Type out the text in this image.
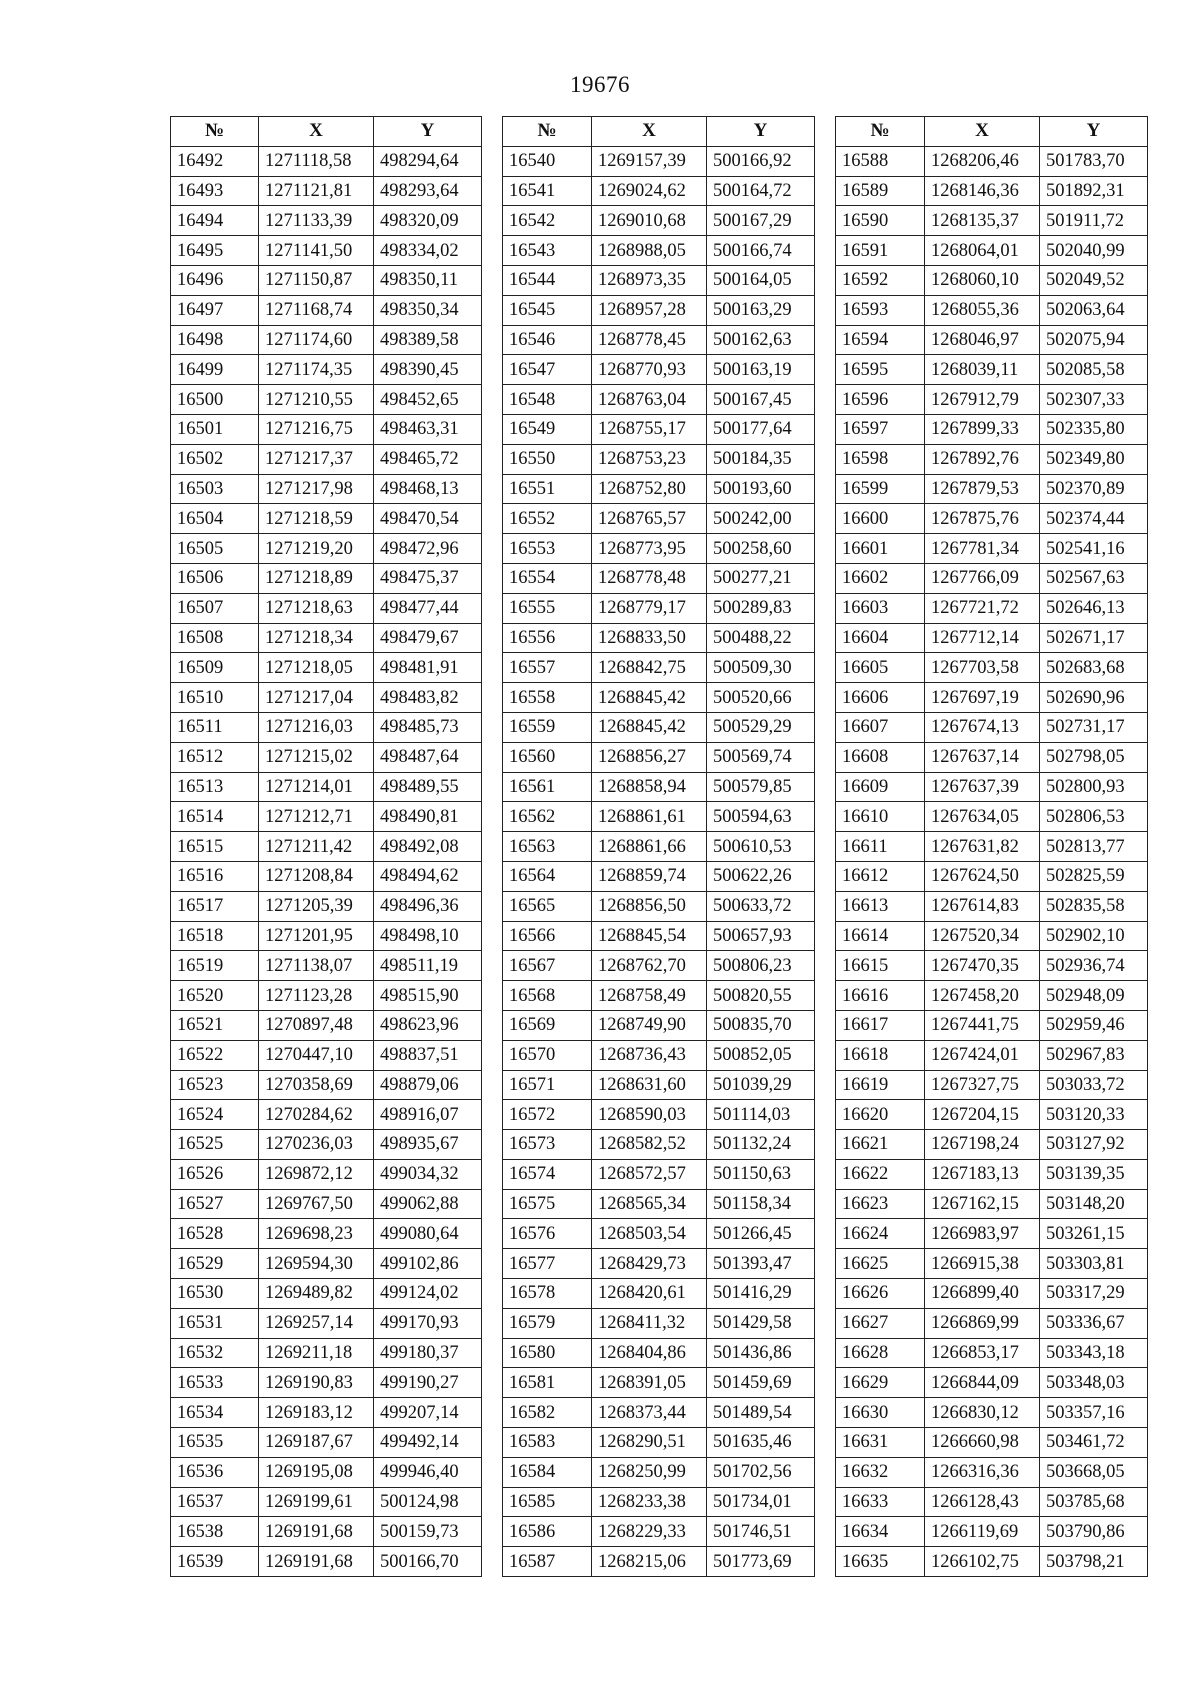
19676
№	X	Y
16492	1271118,58	498294,64
16493	1271121,81	498293,64
16494	1271133,39	498320,09
16495	1271141,50	498334,02
16496	1271150,87	498350,11
16497	1271168,74	498350,34
16498	1271174,60	498389,58
16499	1271174,35	498390,45
16500	1271210,55	498452,65
16501	1271216,75	498463,31
16502	1271217,37	498465,72
16503	1271217,98	498468,13
16504	1271218,59	498470,54
16505	1271219,20	498472,96
16506	1271218,89	498475,37
16507	1271218,63	498477,44
16508	1271218,34	498479,67
16509	1271218,05	498481,91
16510	1271217,04	498483,82
16511	1271216,03	498485,73
16512	1271215,02	498487,64
16513	1271214,01	498489,55
16514	1271212,71	498490,81
16515	1271211,42	498492,08
16516	1271208,84	498494,62
16517	1271205,39	498496,36
16518	1271201,95	498498,10
16519	1271138,07	498511,19
16520	1271123,28	498515,90
16521	1270897,48	498623,96
16522	1270447,10	498837,51
16523	1270358,69	498879,06
16524	1270284,62	498916,07
16525	1270236,03	498935,67
16526	1269872,12	499034,32
16527	1269767,50	499062,88
16528	1269698,23	499080,64
16529	1269594,30	499102,86
16530	1269489,82	499124,02
16531	1269257,14	499170,93
16532	1269211,18	499180,37
16533	1269190,83	499190,27
16534	1269183,12	499207,14
16535	1269187,67	499492,14
16536	1269195,08	499946,40
16537	1269199,61	500124,98
16538	1269191,68	500159,73
16539	1269191,68	500166,70
№	X	Y
16540	1269157,39	500166,92
16541	1269024,62	500164,72
16542	1269010,68	500167,29
16543	1268988,05	500166,74
16544	1268973,35	500164,05
16545	1268957,28	500163,29
16546	1268778,45	500162,63
16547	1268770,93	500163,19
16548	1268763,04	500167,45
16549	1268755,17	500177,64
16550	1268753,23	500184,35
16551	1268752,80	500193,60
16552	1268765,57	500242,00
16553	1268773,95	500258,60
16554	1268778,48	500277,21
16555	1268779,17	500289,83
16556	1268833,50	500488,22
16557	1268842,75	500509,30
16558	1268845,42	500520,66
16559	1268845,42	500529,29
16560	1268856,27	500569,74
16561	1268858,94	500579,85
16562	1268861,61	500594,63
16563	1268861,66	500610,53
16564	1268859,74	500622,26
16565	1268856,50	500633,72
16566	1268845,54	500657,93
16567	1268762,70	500806,23
16568	1268758,49	500820,55
16569	1268749,90	500835,70
16570	1268736,43	500852,05
16571	1268631,60	501039,29
16572	1268590,03	501114,03
16573	1268582,52	501132,24
16574	1268572,57	501150,63
16575	1268565,34	501158,34
16576	1268503,54	501266,45
16577	1268429,73	501393,47
16578	1268420,61	501416,29
16579	1268411,32	501429,58
16580	1268404,86	501436,86
16581	1268391,05	501459,69
16582	1268373,44	501489,54
16583	1268290,51	501635,46
16584	1268250,99	501702,56
16585	1268233,38	501734,01
16586	1268229,33	501746,51
16587	1268215,06	501773,69
№	X	Y
16588	1268206,46	501783,70
16589	1268146,36	501892,31
16590	1268135,37	501911,72
16591	1268064,01	502040,99
16592	1268060,10	502049,52
16593	1268055,36	502063,64
16594	1268046,97	502075,94
16595	1268039,11	502085,58
16596	1267912,79	502307,33
16597	1267899,33	502335,80
16598	1267892,76	502349,80
16599	1267879,53	502370,89
16600	1267875,76	502374,44
16601	1267781,34	502541,16
16602	1267766,09	502567,63
16603	1267721,72	502646,13
16604	1267712,14	502671,17
16605	1267703,58	502683,68
16606	1267697,19	502690,96
16607	1267674,13	502731,17
16608	1267637,14	502798,05
16609	1267637,39	502800,93
16610	1267634,05	502806,53
16611	1267631,82	502813,77
16612	1267624,50	502825,59
16613	1267614,83	502835,58
16614	1267520,34	502902,10
16615	1267470,35	502936,74
16616	1267458,20	502948,09
16617	1267441,75	502959,46
16618	1267424,01	502967,83
16619	1267327,75	503033,72
16620	1267204,15	503120,33
16621	1267198,24	503127,92
16622	1267183,13	503139,35
16623	1267162,15	503148,20
16624	1266983,97	503261,15
16625	1266915,38	503303,81
16626	1266899,40	503317,29
16627	1266869,99	503336,67
16628	1266853,17	503343,18
16629	1266844,09	503348,03
16630	1266830,12	503357,16
16631	1266660,98	503461,72
16632	1266316,36	503668,05
16633	1266128,43	503785,68
16634	1266119,69	503790,86
16635	1266102,75	503798,21
